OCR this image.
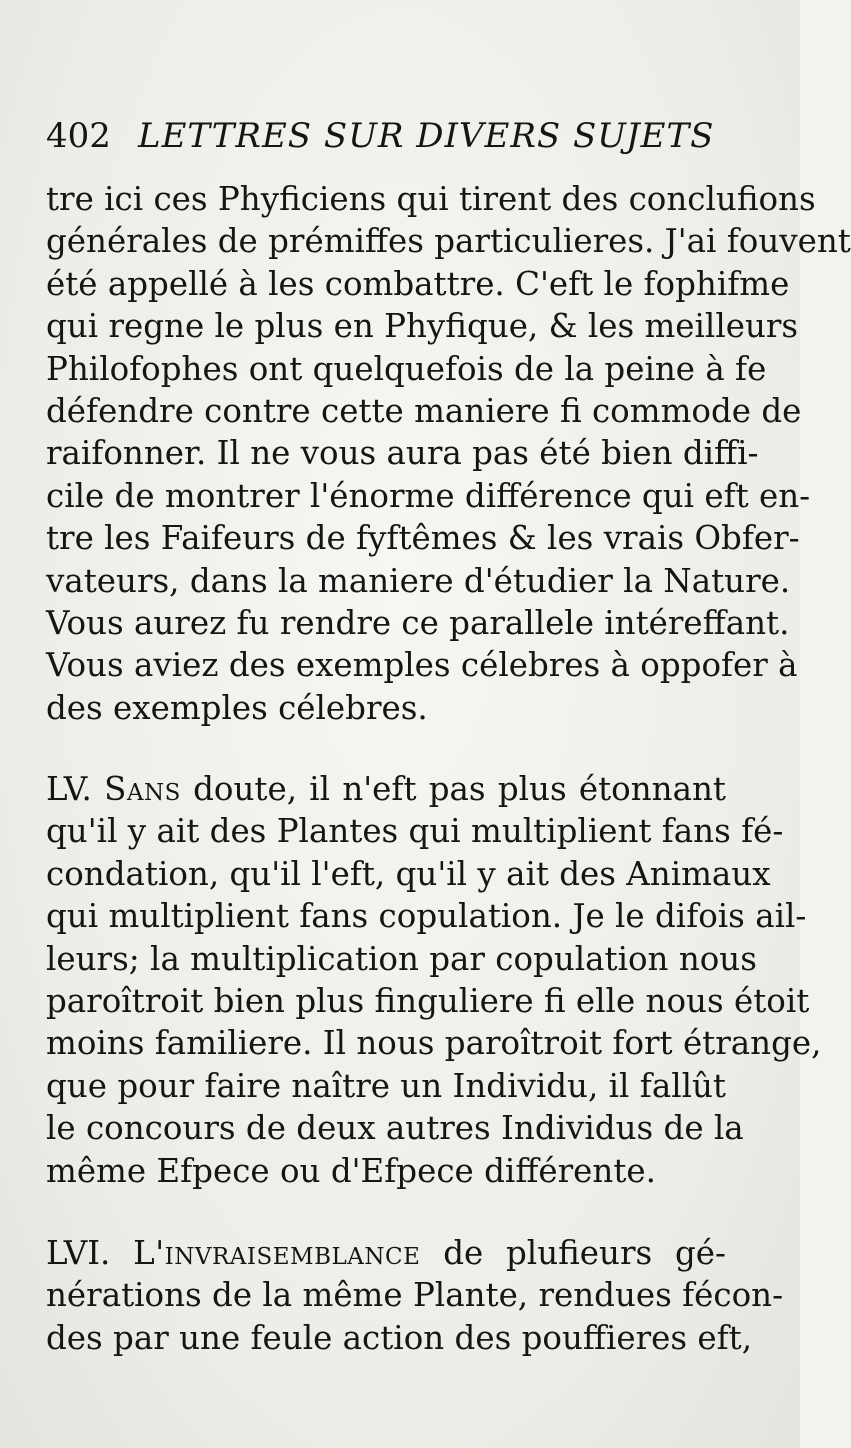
402 LETTRES SUR DIVERS SUJETS
tre ici ces Phyficiens qui tirent des conclufions
générales de prémiffes particulieres. J'ai fouvent
été appellé à les combattre. C'eft le fophifme
qui regne le plus en Phyfique, & les meilleurs
Philofophes ont quelquefois de la peine à fe
défendre contre cette maniere fi commode de
raifonner. Il ne vous aura pas été bien diffi-
cile de montrer l'énorme différence qui eft en-
tre les Faifeurs de fyftêmes & les vrais Obfer-
vateurs, dans la maniere d'étudier la Nature.
Vous aurez fu rendre ce parallele intéreffant.
Vous aviez des exemples célebres à oppofer à
des exemples célebres.
LV. Sans doute, il n'eft pas plus étonnant
qu'il y ait des Plantes qui multiplient fans fé-
condation, qu'il l'eft, qu'il y ait des Animaux
qui multiplient fans copulation. Je le difois ail-
leurs; la multiplication par copulation nous
paroîtroit bien plus finguliere fi elle nous étoit
moins familiere. Il nous paroîtroit fort étrange,
que pour faire naître un Individu, il fallût
le concours de deux autres Individus de la
même Efpece ou d'Efpece différente.
LVI. L'invraisemblance de plufieurs gé-
nérations de la même Plante, rendues fécon-
des par une feule action des pouffieres eft,
